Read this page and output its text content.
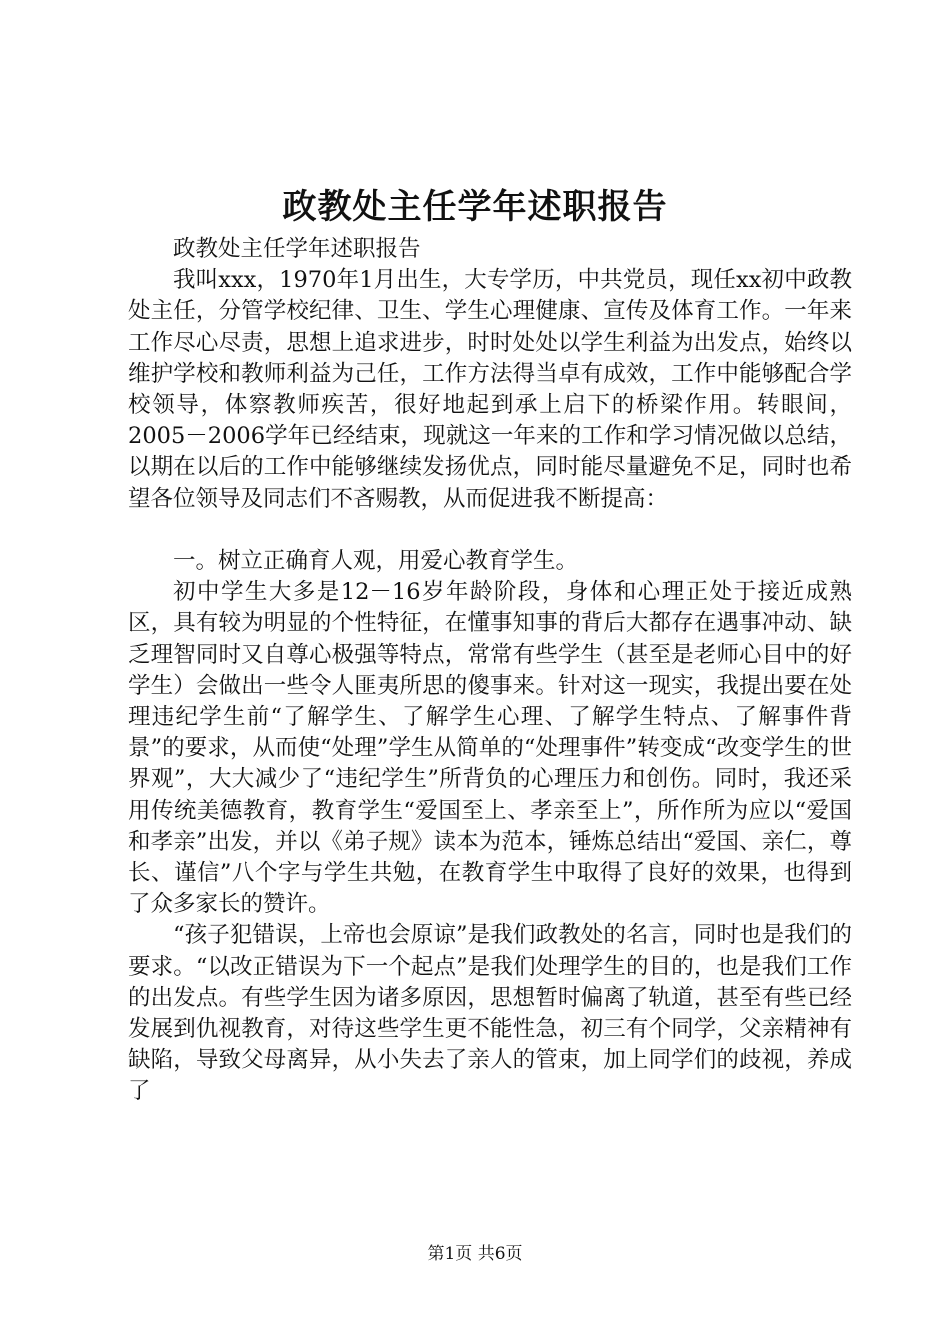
政教处主任学年述职报告

政教处主任学年述职报告

我叫xxx，1970年1月出生，大专学历，中共党员，现任xx初中政教处主任，分管学校纪律、卫生、学生心理健康、宣传及体育工作。一年来工作尽心尽责，思想上追求进步，时时处处以学生利益为出发点，始终以维护学校和教师利益为己任，工作方法得当卓有成效，工作中能够配合学校领导，体察教师疾苦，很好地起到承上启下的桥梁作用。转眼间，2005－2006学年已经结束，现就这一年来的工作和学习情况做以总结，以期在以后的工作中能够继续发扬优点，同时能尽量避免不足，同时也希望各位领导及同志们不吝赐教，从而促进我不断提高：

一。树立正确育人观，用爱心教育学生。

初中学生大多是12－16岁年龄阶段，身体和心理正处于接近成熟区，具有较为明显的个性特征，在懂事知事的背后大都存在遇事冲动、缺乏理智同时又自尊心极强等特点，常常有些学生（甚至是老师心目中的好学生）会做出一些令人匪夷所思的傻事来。针对这一现实，我提出要在处理违纪学生前“了解学生、了解学生心理、了解学生特点、了解事件背景”的要求，从而使“处理”学生从简单的“处理事件”转变成“改变学生的世界观”，大大减少了“违纪学生”所背负的心理压力和创伤。同时，我还采用传统美德教育，教育学生“爱国至上、孝亲至上”，所作所为应以“爱国和孝亲”出发，并以《弟子规》读本为范本，锤炼总结出“爱国、亲仁，尊长、谨信”八个字与学生共勉，在教育学生中取得了良好的效果，也得到了众多家长的赞许。

“孩子犯错误，上帝也会原谅”是我们政教处的名言，同时也是我们的要求。“以改正错误为下一个起点”是我们处理学生的目的，也是我们工作的出发点。有些学生因为诸多原因，思想暂时偏离了轨道，甚至有些已经发展到仇视教育，对待这些学生更不能性急，初三有个同学，父亲精神有缺陷，导致父母离异，从小失去了亲人的管束，加上同学们的歧视，养成了

第1页 共6页
